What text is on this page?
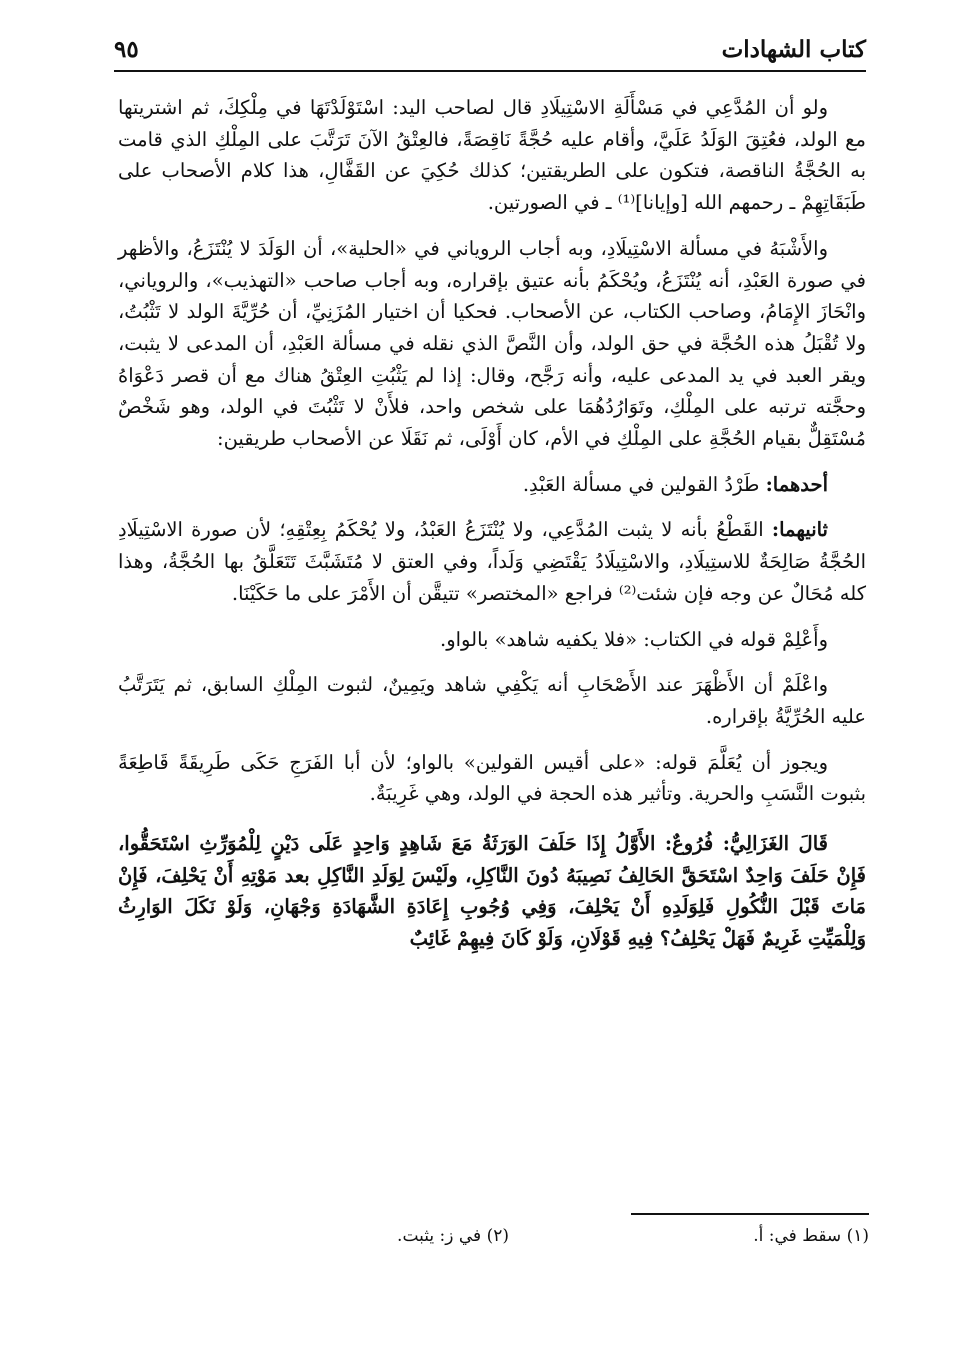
كتاب الشهادات
٩٥

ولو أن المُدَّعِي في مَسْأَلَةِ الاسْتِيلَادِ قال لصاحب اليد: اسْتَوْلَدْتَهَا في مِلْكِكَ، ثم اشتريتها مع الولد، فعُتِقَ الوَلَدُ عَلَيَّ، وأقام عليه حُجَّةً نَاقِصَةً، فالعِتْقُ الآنَ تَرَتَّبَ على المِلْكِ الذي قامت به الحُجَّةُ الناقصة، فتكون على الطريقتين؛ كذلك حُكِيَ عن القَفَّالِ، هذا كلام الأصحاب على طَبَقَاتِهِمْ ـ رحمهم الله [وإيانا]⁽¹⁾ ـ في الصورتين.

والأَشْبَهُ في مسألة الاسْتِيلَادِ، وبه أجاب الروياني في «الحلية»، أن الوَلَدَ لا يُنْتَزَعُ، والأظهر في صورة العَبْدِ، أنه يُنْتَزَعُ، ويُحْكَمُ بأنه عتيق بإقراره، وبه أجاب صاحب «التهذيب»، والروياني، وانْحَازَ الإِمَامُ، وصاحب الكتاب، عن الأصحاب. فحكيا أن اختيار المُزَنِيِّ، أن حُرِّيَّةَ الولد لا تَثْبُتُ، ولا تُقْبَلُ هذه الحُجَّة في حق الولد، وأن النَّصَّ الذي نقله في مسألة العَبْدِ، أن المدعى لا يثبت، ويقر العبد في يد المدعى عليه، وأنه رَجَّح، وقال: إذا لم يَثْبُتِ العِتْقُ هناك مع أن قصر دَعْوَاهُ وحجَّته ترتبه على المِلْكِ، وتَوَارُدُهُمَا على شخص واحد، فلأَنْ لا تَثْبُتَ في الولد، وهو شَخْصٌ مُسْتَقِلٌّ بقيام الحُجَّةِ على المِلْكِ في الأم، كان أَوْلَى، ثم نَقَلَا عن الأصحاب طريقين:

أحدهما: طَرْدُ القولين في مسألة العَبْدِ.

ثانيهما: القَطْعُ بأنه لا يثبت المُدَّعِي، ولا يُنْتَزَعُ العَبْدُ، ولا يُحْكَمُ بِعِتْقِهِ؛ لأن صورة الاسْتِيلَادِ الحُجَّةُ صَالِحَةٌ للاستِيلَادِ، والاسْتِيلَادُ يَقْتَضِي وَلَداً، وفي العتق لا مُتَشَبَّثَ تَتَعَلَّقُ بها الحُجَّةُ، وهذا كله مُحَالٌ عن وجه فإن شئت⁽²⁾ فراجع «المختصر» تتيقَّن أن الأَمْرَ على ما حَكَيْنَا.

وأَعْلِمْ قوله في الكتاب: «فلا يكفيه شاهد» بالواو.

واعْلَمْ أن الأَظْهَرَ عند الأَصْحَابِ أنه يَكْفِي شاهد ويَمِينٌ، لثبوت المِلْكِ السابق، ثم يَتَرَتَّبُ عليه الحُرِّيَّةُ بإقراره.

ويجوز أن يُعَلَّمَ قوله: «على أقيس القولين» بالواو؛ لأن أبا الفَرَجِ حَكَى طَرِيقَةً قَاطِعَةً بثبوت النَّسَبِ والحرية. وتأثير هذه الحجة في الولد، وهي غَرِيبَةٌ.

قَالَ الغَزَالِيُّ: فُرُوعٌ: الأَوَّلُ إِذَا حَلَفَ الوَرَثَةُ مَعَ شَاهِدٍ وَاحِدٍ عَلَى دَيْنٍ لِلْمُوَرِّثِ اسْتَحَقُّوا، فَإِنْ حَلَفَ وَاحِدٌ اسْتَحَقَّ الحَالِفُ نَصِيبَهُ دُونَ النَّاكِلِ، ولَيْسَ لِوَلَدِ النَّاكِلِ بعد مَوْتِهِ أَنْ يَحْلِفَ، فَإِنْ مَاتَ قَبْلَ النُّكُولِ فَلِوَلَدِهِ أَنْ يَحْلِفَ، وَفِي وُجُوبِ إِعَادَةِ الشَّهَادَةِ وَجْهَانِ، وَلَوْ نَكَلَ الوَارِثُ وَلِلْمَيِّتِ غَرِيمٌ فَهَلْ يَحْلِفُ؟ فِيهِ قَوْلَانِ، وَلَوْ كَانَ فِيهِمْ غَائِبٌ

(١) سقط في: أ.
(٢) في ز: يثبت.
